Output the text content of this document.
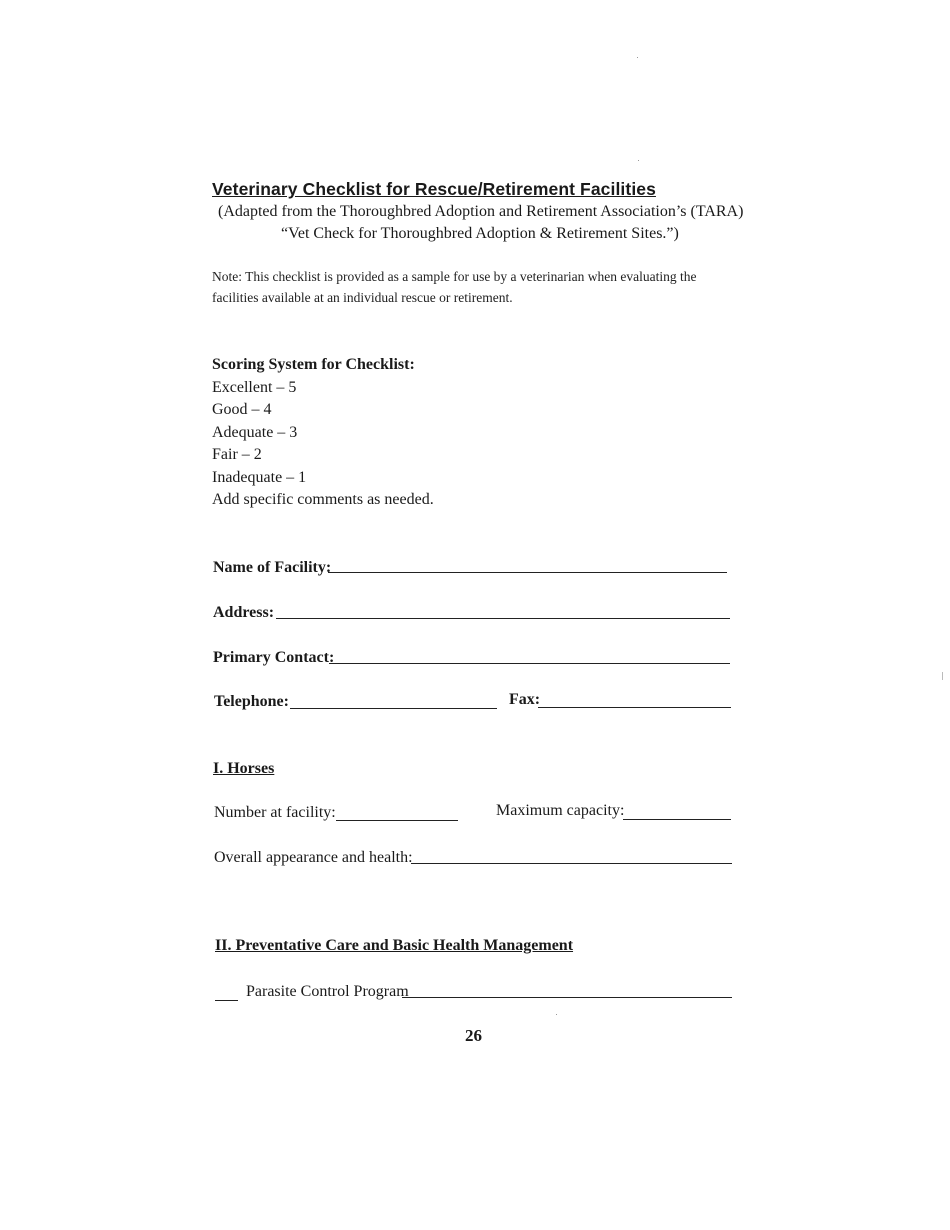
Veterinary Checklist for Rescue/Retirement Facilities
(Adapted from the Thoroughbred Adoption and Retirement Association’s (TARA)
“Vet Check for Thoroughbred Adoption & Retirement Sites.”)
Note: This checklist is provided as a sample for use by a veterinarian when evaluating the
facilities available at an individual rescue or retirement.
Scoring System for Checklist:
Excellent – 5
Good – 4
Adequate – 3
Fair – 2
Inadequate – 1
Add specific comments as needed.
Name of Facility:
Address:
Primary Contact:
Telephone:	Fax:
I. Horses
Number at facility:	Maximum capacity:
Overall appearance and health:
II. Preventative Care and Basic Health Management
Parasite Control Program
26
